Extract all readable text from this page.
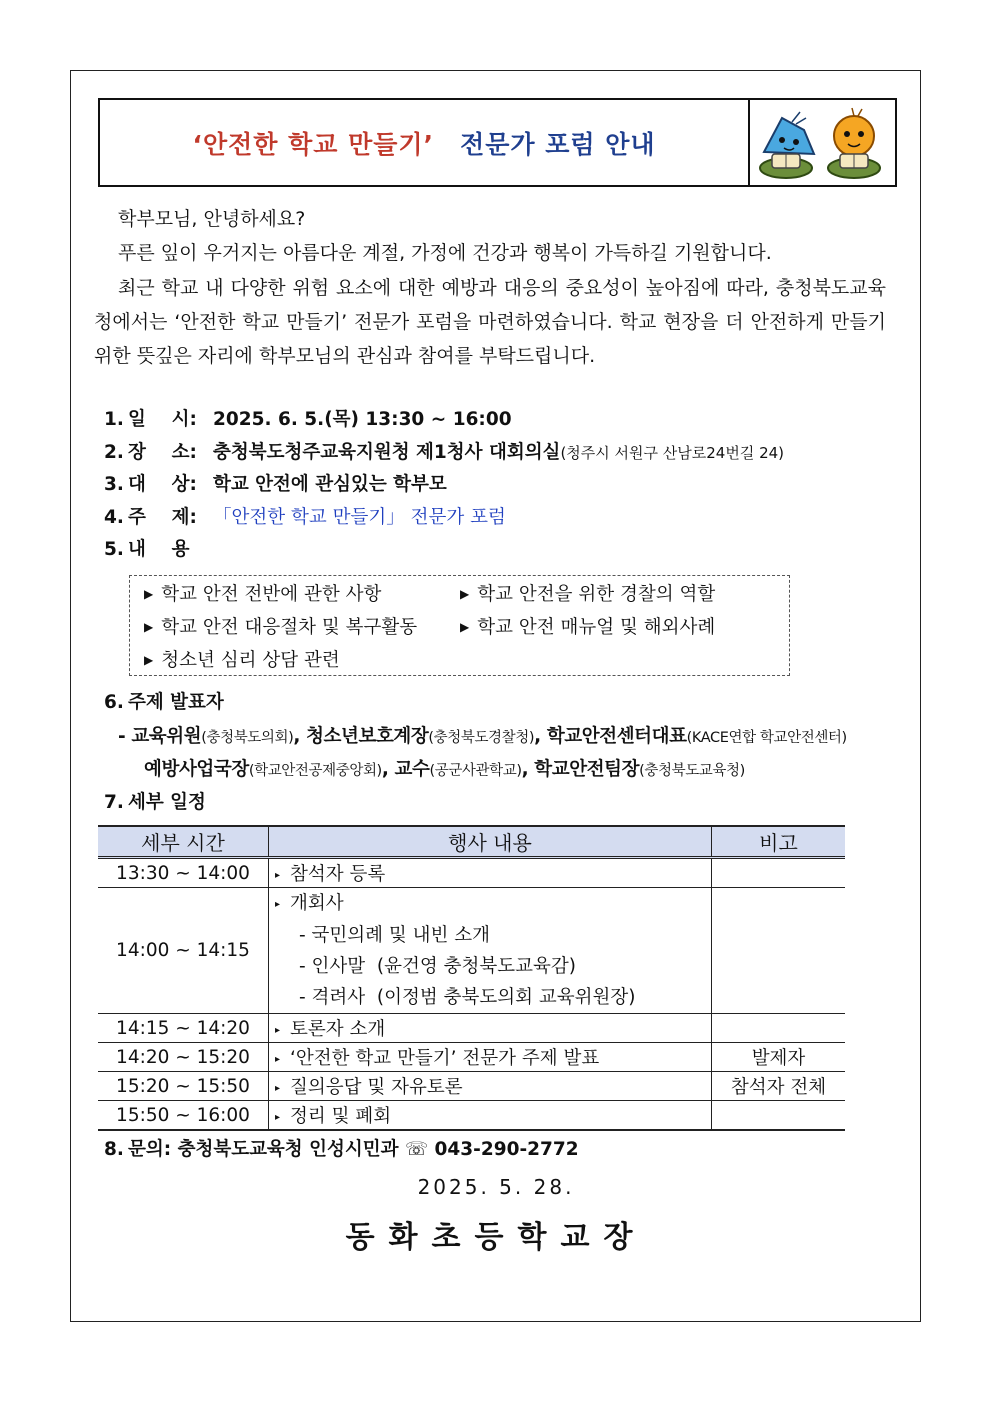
‘안전한 학교 만들기’ 전문가 포럼 안내
학부모님, 안녕하세요?
푸른 잎이 우거지는 아름다운 계절, 가정에 건강과 행복이 가득하길 기원합니다.
최근 학교 내 다양한 위험 요소에 대한 예방과 대응의 중요성이 높아짐에 따라, 충청북도교육청에서는 ‘안전한 학교 만들기’ 전문가 포럼을 마련하였습니다. 학교 현장을 더 안전하게 만들기 위한 뜻깊은 자리에 학부모님의 관심과 참여를 부탁드립니다.
1. 일    시: 2025. 6. 5.(목) 13:30 ~ 16:00
2. 장    소: 충청북도청주교육지원청 제1청사 대회의실(청주시 서원구 산남로24번길 24)
3. 대    상: 학교 안전에 관심있는 학부모
4. 주    제: 「안전한 학교 만들기」 전문가 포럼
5. 내    용
▶ 학교 안전 전반에 관한 사항	▶ 학교 안전을 위한 경찰의 역할
▶ 학교 안전 대응절차 및 복구활동	▶ 학교 안전 매뉴얼 및 해외사례
▶ 청소년 심리 상담 관련
6. 주제 발표자
- 교육위원(충청북도의회), 청소년보호계장(충청북도경찰청), 학교안전센터대표(KACE연합 학교안전센터)
예방사업국장(학교안전공제중앙회), 교수(공군사관학교), 학교안전팀장(충청북도교육청)
7. 세부 일정
세부 시간	행사 내용	비고
13:30 ~ 14:00	▸ 참석자 등록	
14:00 ~ 14:15	▸ 개회사
- 국민의례 및 내빈 소개
- 인사말  (윤건영 충청북도교육감)
- 격려사  (이정범 충북도의회 교육위원장)	

14:15 ~ 14:20	▸ 토론자 소개	
14:20 ~ 15:20	▸ ‘안전한 학교 만들기’ 전문가 주제 발표	발제자
15:20 ~ 15:50	▸ 질의응답 및 자유토론	참석자 전체
15:50 ~ 16:00	▸ 정리 및 폐회	
8. 문의: 충청북도교육청 인성시민과 ☏ 043-290-2772
2025. 5. 28.
동화초등학교장
